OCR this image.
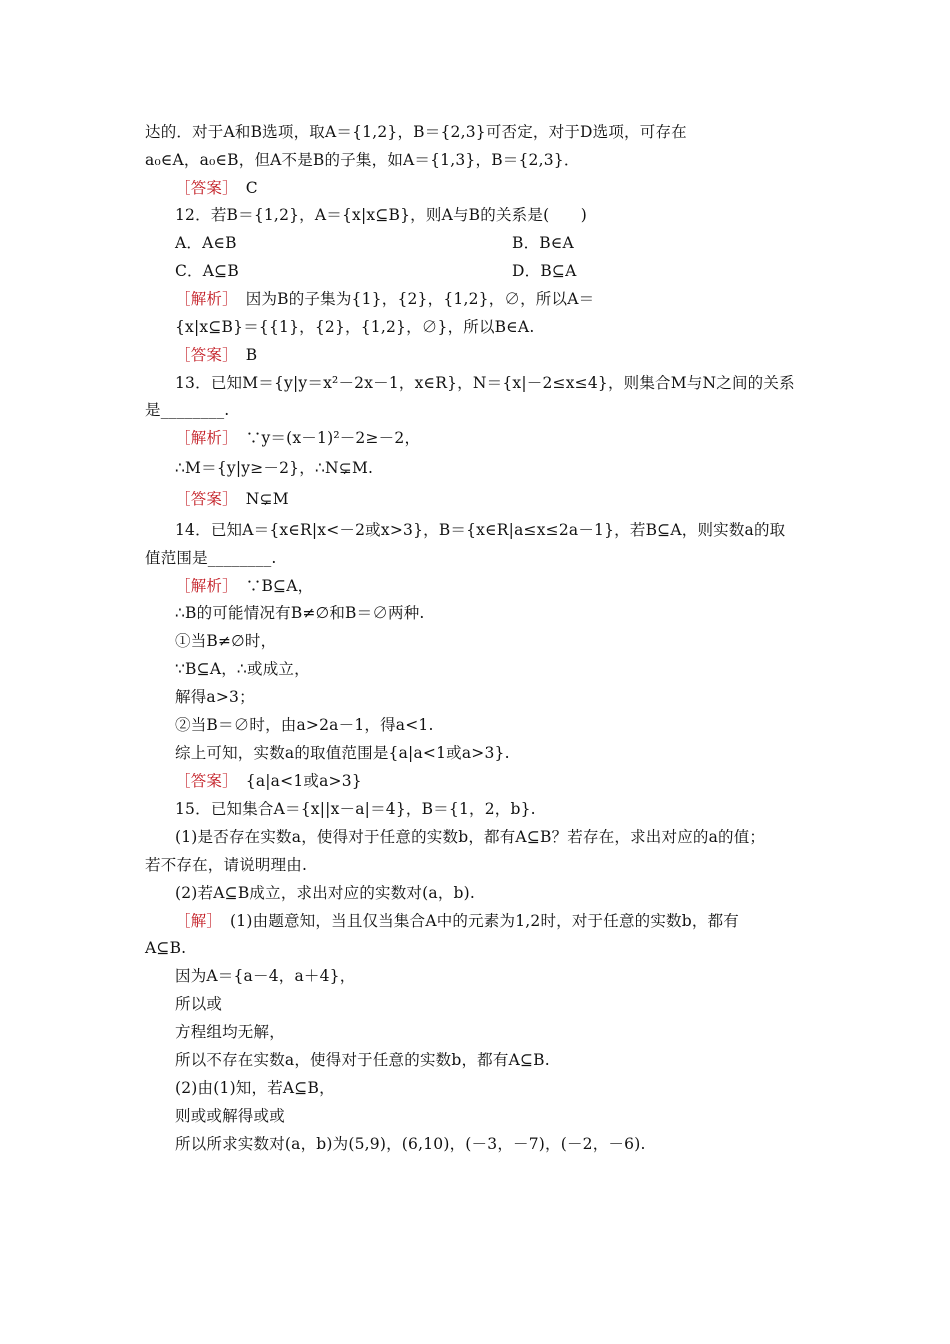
达的．对于A和B选项，取A＝{1,2}，B＝{2,3}可否定，对于D选项，可存在
a₀∈A，a₀∈B，但A不是B的子集，如A＝{1,3}，B＝{2,3}．
［答案］　C
12．若B＝{1,2}，A＝{x|x⊆B}，则A与B的关系是(　　)
A．A∈B	B．B∈A
C．A⊆B	D．B⊆A
［解析］　因为B的子集为{1}，{2}，{1,2}，∅，所以A＝
{x|x⊆B}＝{{1}，{2}，{1,2}，∅}，所以B∈A.
［答案］　B
13．已知M＝{y|y＝x²－2x－1，x∈R}，N＝{x|－2≤x≤4}，则集合M与N之间的关系
是________.
［解析］　∵y＝(x－1)²－2≥－2，
∴M＝{y|y≥－2}，∴N⊊M.
［答案］　N⊊M
14．已知A＝{x∈R|x<－2或x>3}，B＝{x∈R|a≤x≤2a－1}，若B⊆A，则实数a的取
值范围是________.
［解析］　∵B⊆A，
∴B的可能情况有B≠∅和B＝∅两种.
①当B≠∅时，
∵B⊆A，∴或成立，
解得a>3；
②当B＝∅时，由a>2a－1，得a<1.
综上可知，实数a的取值范围是{a|a<1或a>3}.
［答案］　{a|a<1或a>3}
15．已知集合A＝{x||x－a|＝4}，B＝{1，2，b}.
(1)是否存在实数a，使得对于任意的实数b，都有A⊆B？若存在，求出对应的a的值；
若不存在，请说明理由.
(2)若A⊆B成立，求出对应的实数对(a，b).
［解］　(1)由题意知，当且仅当集合A中的元素为1,2时，对于任意的实数b，都有
A⊆B.
因为A＝{a－4，a＋4}，
所以或
方程组均无解，
所以不存在实数a，使得对于任意的实数b，都有A⊆B.
(2)由(1)知，若A⊆B，
则或或解得或或
所以所求实数对(a，b)为(5,9)，(6,10)，(－3，－7)，(－2，－6).
